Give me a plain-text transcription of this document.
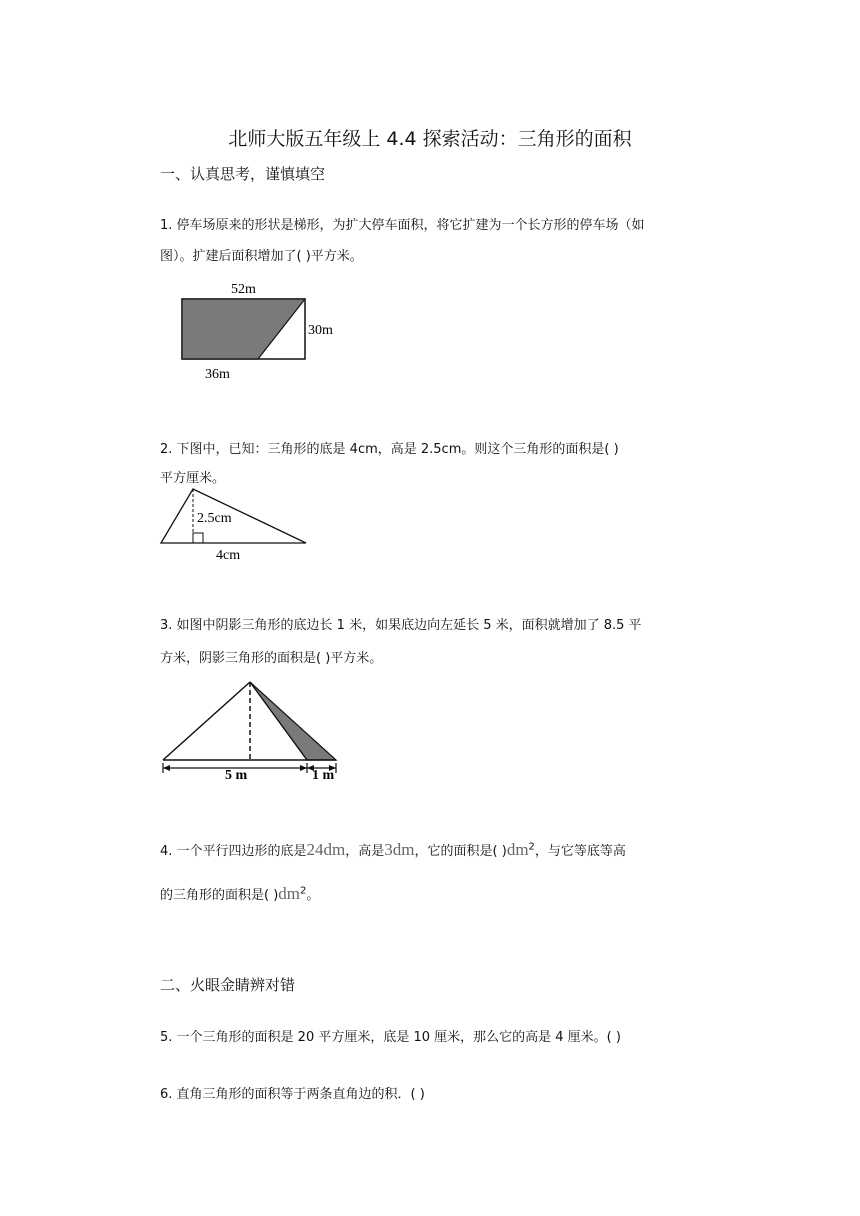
北师大版五年级上 4.4 探索活动：三角形的面积
一、认真思考，谨慎填空
1. 停车场原来的形状是梯形，为扩大停车面积，将它扩建为一个长方形的停车场（如
图）。扩建后面积增加了( )平方米。
52m
30m
36m
2. 下图中，已知：三角形的底是 4cm，高是 2.5cm。则这个三角形的面积是( )
平方厘米。
2.5cm
4cm
3. 如图中阴影三角形的底边长 1 米，如果底边向左延长 5 米，面积就增加了 8.5 平
方米，阴影三角形的面积是( )平方米。
5 m	1 m
4. 一个平行四边形的底是24dm，高是3dm，它的面积是( )$dm^2$，与它等底等高
的三角形的面积是( )$dm^2$。
二、火眼金睛辨对错
5. 一个三角形的面积是 20 平方厘米，底是 10 厘米，那么它的高是 4 厘米。( )
6. 直角三角形的面积等于两条直角边的积．( )
